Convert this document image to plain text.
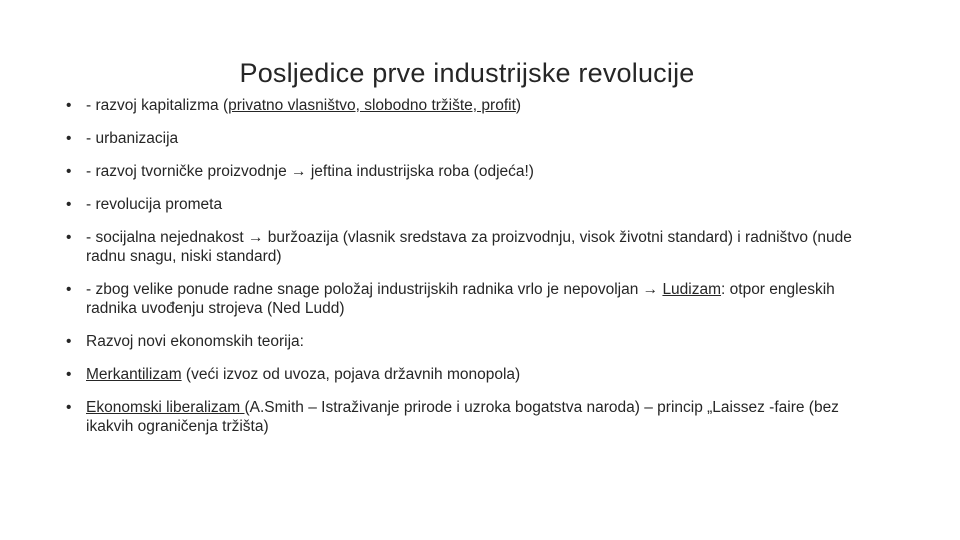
Posljedice prve industrijske revolucije
• - razvoj kapitalizma (privatno vlasništvo, slobodno tržište, profit)
• - urbanizacija
• - razvoj tvorničke proizvodnje → jeftina industrijska roba (odjeća!)
• - revolucija prometa
• - socijalna nejednakost → buržoazija (vlasnik sredstava za proizvodnju, visok životni standard) i radništvo (nude radnu snagu, niski standard)
• - zbog velike ponude radne snage položaj industrijskih radnika vrlo je nepovoljan → Ludizam: otpor engleskih radnika uvođenju strojeva (Ned Ludd)
• Razvoj novi ekonomskih teorija:
• Merkantilizam (veći izvoz od uvoza, pojava državnih monopola)
• Ekonomski liberalizam (A.Smith – Istraživanje prirode i uzroka bogatstva naroda) – princip „Laissez -faire (bez ikakvih ograničenja tržišta)
